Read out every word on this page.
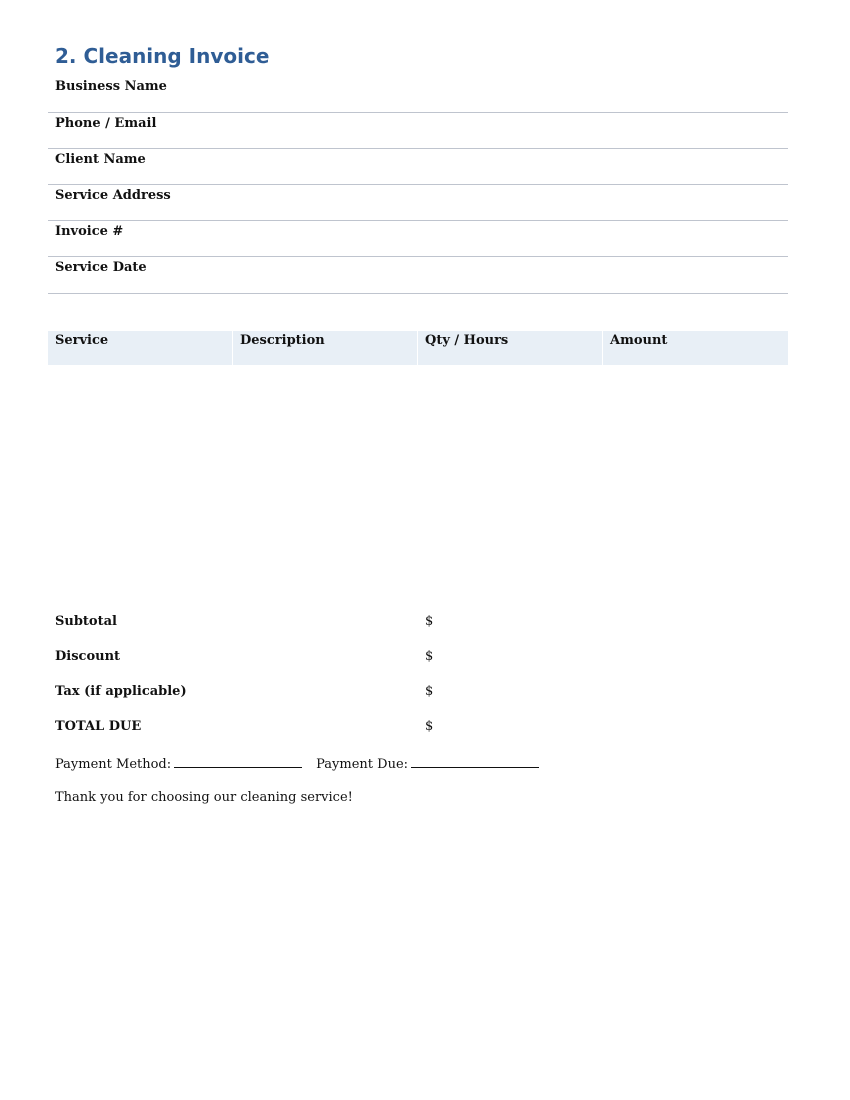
2. Cleaning Invoice
Business Name
Phone / Email
Client Name
Service Address
Invoice #
Service Date
Service	Description	Qty / Hours	Amount
Subtotal	$
Discount	$
Tax (if applicable)	$
TOTAL DUE	$
Payment Method:	Payment Due:
Thank you for choosing our cleaning service!
